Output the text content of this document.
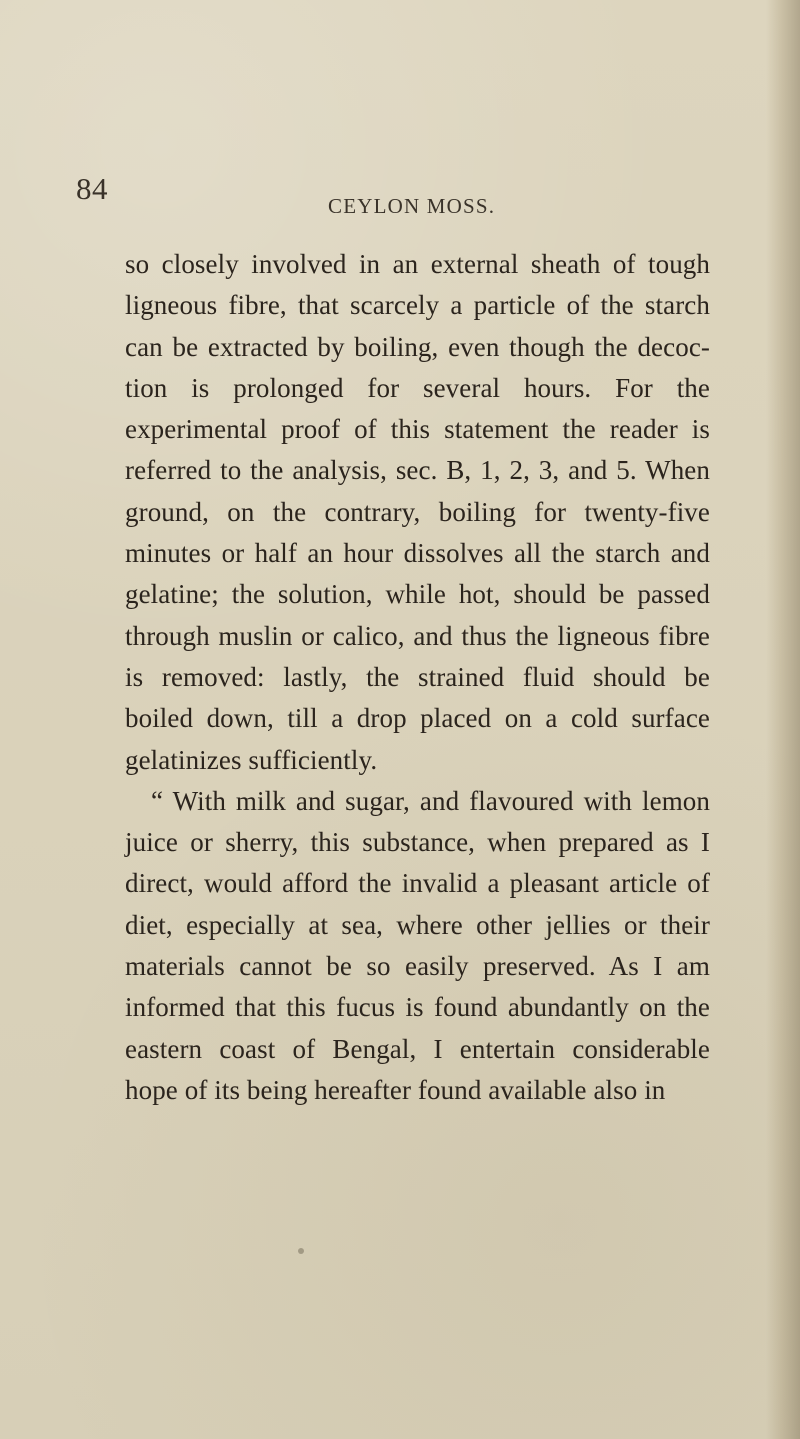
84	CEYLON MOSS.
so closely involved in an external sheath of tough
ligneous fibre, that scarcely a particle of the starch
can be extracted by boiling, even though the decoc-
tion is prolonged for several hours. For the
experimental proof of this statement the reader is
referred to the analysis, sec. B, 1, 2, 3, and 5. When
ground, on the contrary, boiling for twenty-five
minutes or half an hour dissolves all the starch and
gelatine; the solution, while hot, should be passed
through muslin or calico, and thus the ligneous fibre
is removed: lastly, the strained fluid should be
boiled down, till a drop placed on a cold surface
gelatinizes sufficiently.
“ With milk and sugar, and flavoured with lemon
juice or sherry, this substance, when prepared as I
direct, would afford the invalid a pleasant article of
diet, especially at sea, where other jellies or their
materials cannot be so easily preserved. As I am
informed that this fucus is found abundantly on the
eastern coast of Bengal, I entertain considerable
hope of its being hereafter found available also in
